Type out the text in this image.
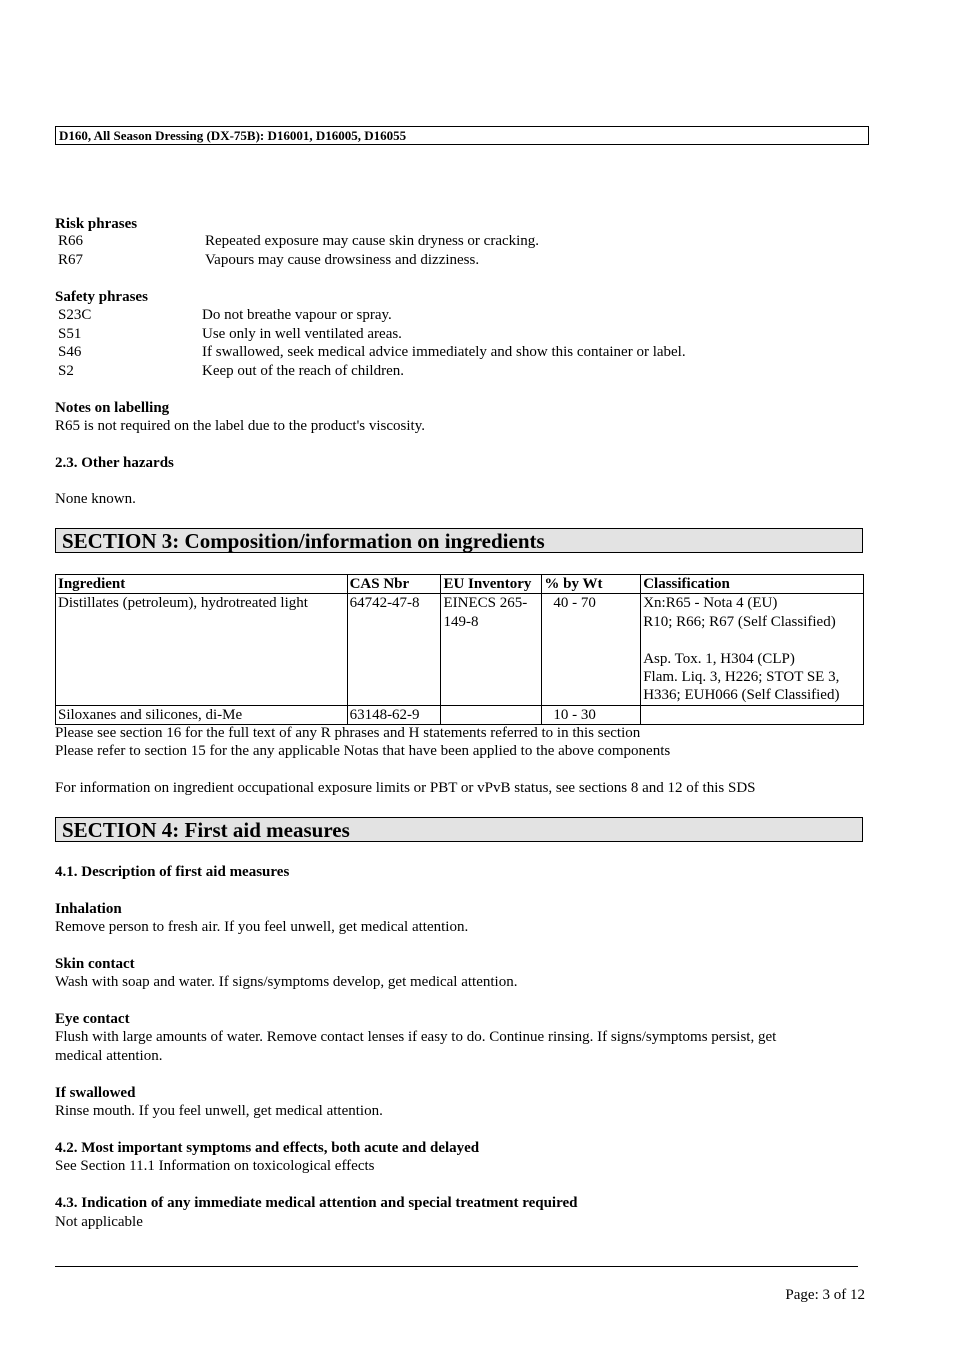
D160, All Season Dressing (DX-75B): D16001, D16005, D16055
Risk phrases
R66	Repeated exposure may cause skin dryness or cracking.
R67	Vapours may cause drowsiness and dizziness.
Safety phrases
S23C	Do not breathe vapour or spray.
S51	Use only in well ventilated areas.
S46	If swallowed, seek medical advice immediately and show this container or label.
S2	Keep out of the reach of children.
Notes on labelling
R65 is not required on the label due to the product's viscosity.
2.3. Other hazards
None known.
SECTION 3: Composition/information on ingredients
Ingredient	CAS Nbr	EU Inventory	% by Wt	Classification
Distillates (petroleum), hydrotreated light	64742-47-8	EINECS 265-
149-8	40 - 70	Xn:R65 - Nota 4 (EU)
R10; R66; R67 (Self Classified)
Asp. Tox. 1, H304 (CLP)
Flam. Liq. 3, H226; STOT SE 3,
H336; EUH066 (Self Classified)

Siloxanes and silicones, di-Me	63148-62-9		10 - 30	
Please see section 16 for the full text of any R phrases and H statements referred to in this section
Please refer to section 15 for the any applicable Notas that have been applied to the above components
For information on ingredient occupational exposure limits or PBT or vPvB status, see sections 8 and 12 of this SDS
SECTION 4: First aid measures
4.1. Description of first aid measures
Inhalation
Remove person to fresh air. If you feel unwell, get medical attention.
Skin contact
Wash with soap and water. If signs/symptoms develop, get medical attention.
Eye contact
Flush with large amounts of water. Remove contact lenses if easy to do. Continue rinsing. If signs/symptoms persist, get
medical attention.
If swallowed
Rinse mouth. If you feel unwell, get medical attention.
4.2. Most important symptoms and effects, both acute and delayed
See Section 11.1 Information on toxicological effects
4.3. Indication of any immediate medical attention and special treatment required
Not applicable
Page: 3 of 12
